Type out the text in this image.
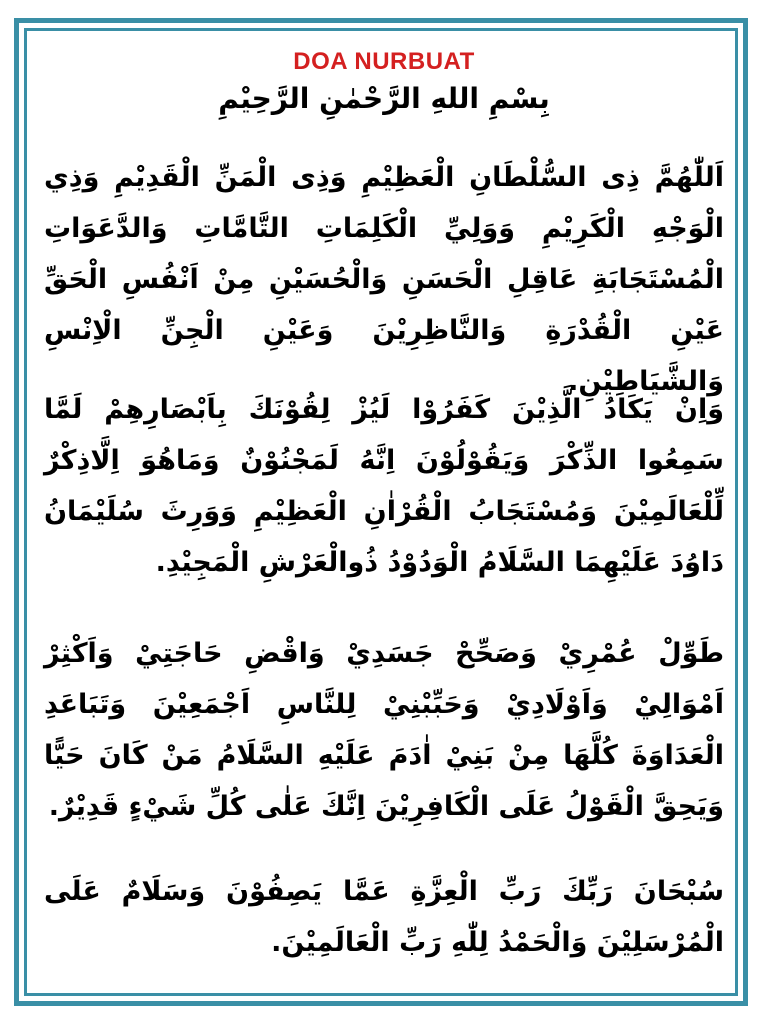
DOA NURBUAT
بِسْمِ اللهِ الرَّحْمٰنِ الرَّحِيْمِ
اَللّٰهُمَّ ذِى السُّلْطَانِ الْعَظِيْمِ وَذِى الْمَنِّ الْقَدِيْمِ وَذِي الْوَجْهِ الْكَرِيْمِ وَوَلِيِّ الْكَلِمَاتِ التَّامَّاتِ وَالدَّعَوَاتِ الْمُسْتَجَابَةِ عَاقِلِ الْحَسَنِ وَالْحُسَيْنِ مِنْ اَنْفُسِ الْحَقِّ عَيْنِ الْقُدْرَةِ وَالنَّاظِرِيْنَ وَعَيْنِ الْجِنِّ الْاِنْسِ وَالشَّيَاطِيْنِ.
وَاِنْ يَكَادُ الَّذِيْنَ كَفَرُوْا لَيُزْ لِقُوْنَكَ بِاَبْصَارِهِمْ لَمَّا سَمِعُوا الذِّكْرَ وَيَقُوْلُوْنَ اِنَّهُ لَمَجْنُوْنٌ وَمَاهُوَ اِلَّاذِكْرٌ لِّلْعَالَمِيْنَ وَمُسْتَجَابُ الْقُرْاٰنِ الْعَظِيْمِ وَوَرِثَ سُلَيْمَانُ دَاوُدَ عَلَيْهِمَا السَّلَامُ الْوَدُوْدُ ذُوالْعَرْشِ الْمَجِيْدِ.
طَوِّلْ عُمْرِيْ وَصَحِّحْ جَسَدِيْ وَاقْضِ حَاجَتِيْ وَاَكْثِرْ اَمْوَالِيْ وَاَوْلَادِيْ وَحَبِّبْنِيْ لِلنَّاسِ اَجْمَعِيْنَ وَتَبَاعَدِ الْعَدَاوَةَ كُلَّهَا مِنْ بَنِيْ اٰدَمَ عَلَيْهِ السَّلَامُ مَنْ كَانَ حَيًّا وَيَحِقَّ الْقَوْلُ عَلَى الْكَافِرِيْنَ اِنَّكَ عَلٰى كُلِّ شَيْءٍ قَدِيْرٌ.
سُبْحَانَ رَبِّكَ رَبِّ الْعِزَّةِ عَمَّا يَصِفُوْنَ وَسَلَامٌ عَلَى الْمُرْسَلِيْنَ وَالْحَمْدُ لِلّٰهِ رَبِّ الْعَالَمِيْنَ.
